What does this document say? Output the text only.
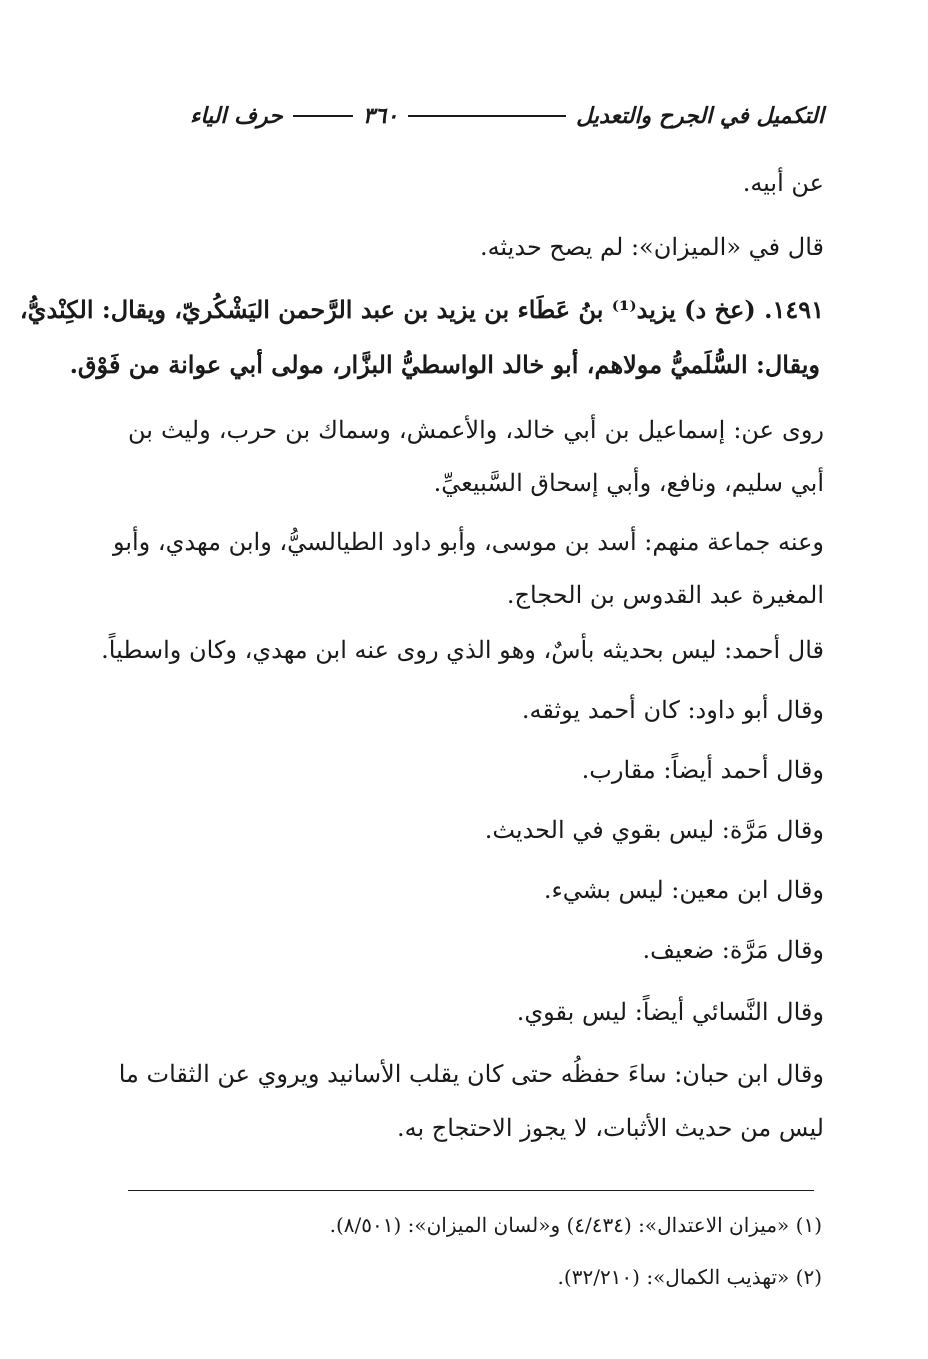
التكميل في الجرح والتعديل
٣٦٠
حرف الياء
عن أبيه.
قال في «الميزان»: لم يصح حديثه.
١٤٩١. (عخ د) يزيد⁽¹⁾ بنُ عَطَاء بن يزيد بن عبد الرَّحمن اليَشْكُريّ، ويقال: الكِنْديُّ،
ويقال: السُّلَميُّ مولاهم، أبو خالد الواسطيُّ البزَّار، مولى أبي عوانة من فَوْق.
روى عن: إسماعيل بن أبي خالد، والأعمش، وسماك بن حرب، وليث بن
أبي سليم، ونافع، وأبي إسحاق السَّبيعيِّ.
وعنه جماعة منهم: أسد بن موسى، وأبو داود الطيالسيُّ، وابن مهدي، وأبو
المغيرة عبد القدوس بن الحجاج.
قال أحمد: ليس بحديثه بأسٌ، وهو الذي روى عنه ابن مهدي، وكان واسطياً.
وقال أبو داود: كان أحمد يوثقه.
وقال أحمد أيضاً: مقارب.
وقال مَرَّة: ليس بقوي في الحديث.
وقال ابن معين: ليس بشيء.
وقال مَرَّة: ضعيف.
وقال النَّسائي أيضاً: ليس بقوي.
وقال ابن حبان: ساءَ حفظُه حتى كان يقلب الأسانيد ويروي عن الثقات ما
ليس من حديث الأثبات، لا يجوز الاحتجاج به.
(١) «ميزان الاعتدال»: (٤/٤٣٤) و«لسان الميزان»: (٨/٥٠١).
(٢) «تهذيب الكمال»: (٣٢/٢١٠).
